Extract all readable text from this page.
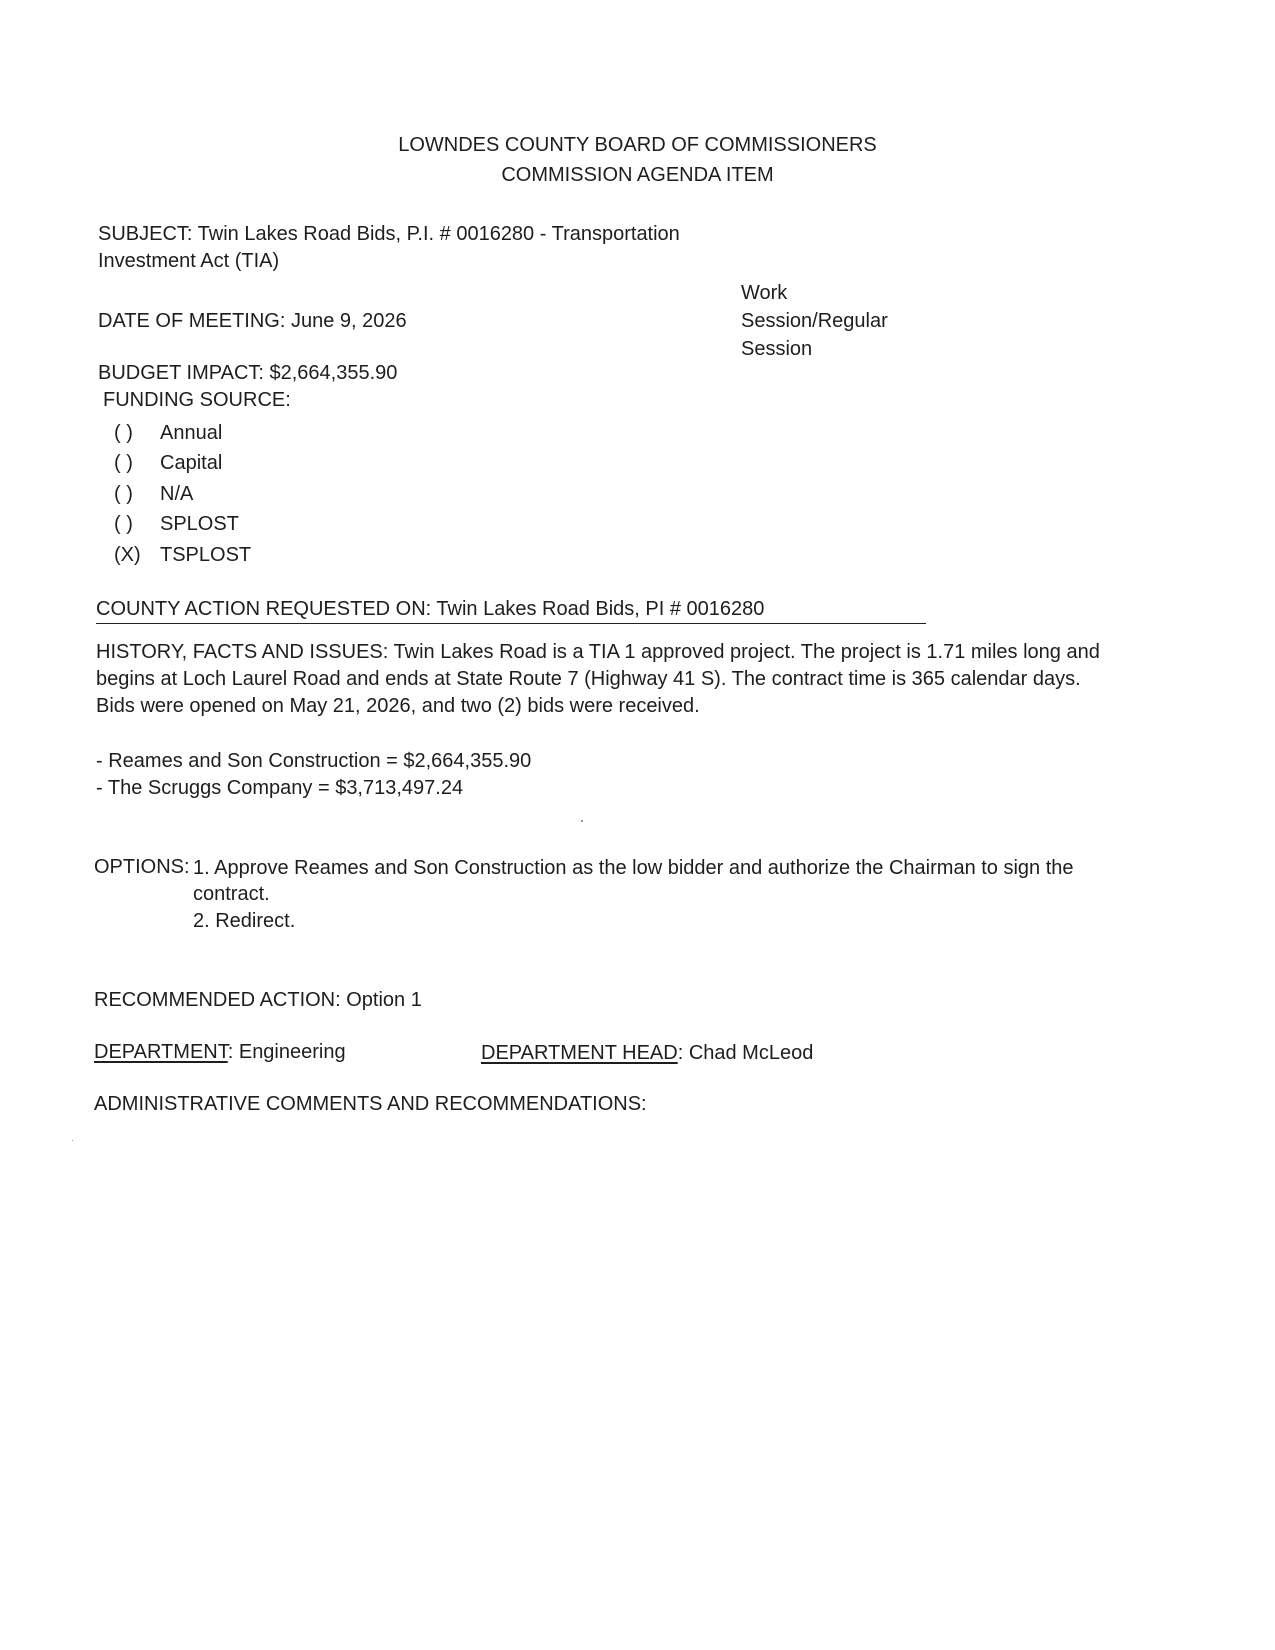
LOWNDES COUNTY BOARD OF COMMISSIONERS
COMMISSION AGENDA ITEM
SUBJECT: Twin Lakes Road Bids, P.I. # 0016280 - Transportation
Investment Act (TIA)
DATE OF MEETING: June 9, 2026
Work
Session/Regular
Session
BUDGET IMPACT: $2,664,355.90
FUNDING SOURCE:
( ) Annual
( ) Capital
( ) N/A
( ) SPLOST
(X) TSPLOST
COUNTY ACTION REQUESTED ON: Twin Lakes Road Bids, PI # 0016280
HISTORY, FACTS AND ISSUES: Twin Lakes Road is a TIA 1 approved project. The project is 1.71 miles long and
begins at Loch Laurel Road and ends at State Route 7 (Highway 41 S). The contract time is 365 calendar days.
Bids were opened on May 21, 2026, and two (2) bids were received.
- Reames and Son Construction = $2,664,355.90
- The Scruggs Company = $3,713,497.24
OPTIONS: 1. Approve Reames and Son Construction as the low bidder and authorize the Chairman to sign the
contract.
2. Redirect.
RECOMMENDED ACTION: Option 1
DEPARTMENT: Engineering	DEPARTMENT HEAD: Chad McLeod
ADMINISTRATIVE COMMENTS AND RECOMMENDATIONS:
